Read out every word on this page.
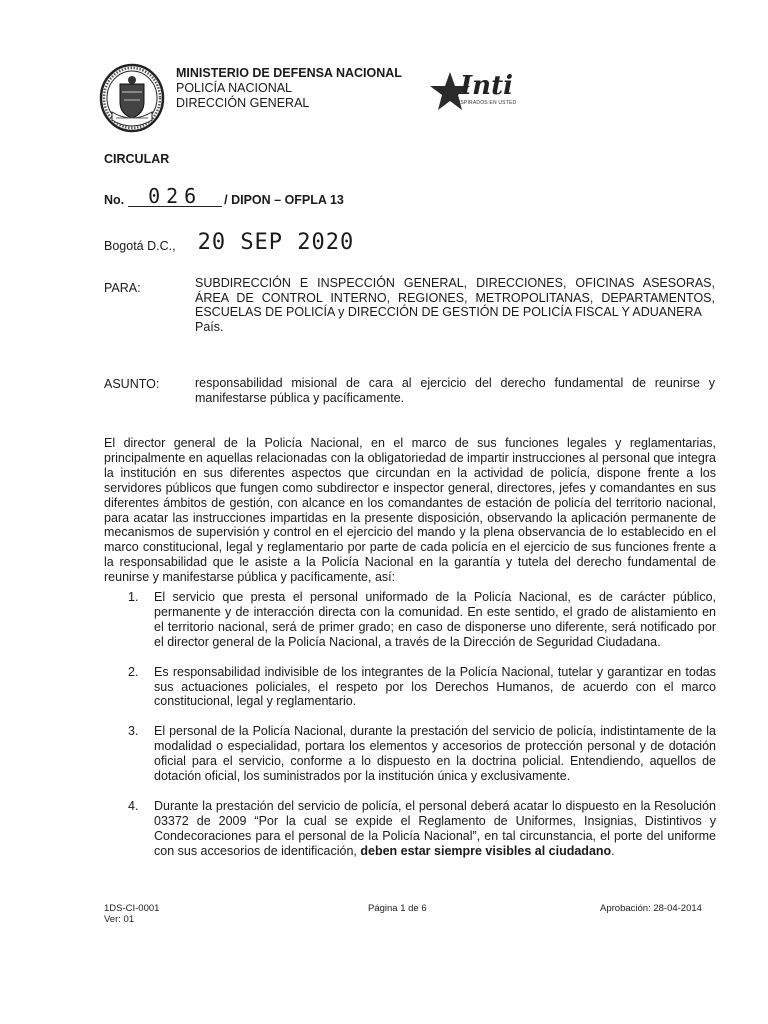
MINISTERIO DE DEFENSA NACIONAL
POLICÍA NACIONAL
DIRECCIÓN GENERAL
Inti
INSPIRADOS EN USTED
CIRCULAR
No.	026	/ DIPON – OFPLA 13
Bogotá D.C., 20 SEP 2020
PARA:	SUBDIRECCIÓN E INSPECCIÓN GENERAL, DIRECCIONES, OFICINAS ASESORAS, ÁREA DE CONTROL INTERNO, REGIONES, METROPOLITANAS, DEPARTAMENTOS, ESCUELAS DE POLICÍA y DIRECCIÓN DE GESTIÓN DE POLICÍA FISCAL Y ADUANERA
País.
ASUNTO:	responsabilidad misional de cara al ejercicio del derecho fundamental de reunirse y manifestarse pública y pacíficamente.
El director general de la Policía Nacional, en el marco de sus funciones legales y reglamentarias, principalmente en aquellas relacionadas con la obligatoriedad de impartir instrucciones al personal que integra la institución en sus diferentes aspectos que circundan en la actividad de policía, dispone frente a los servidores públicos que fungen como subdirector e inspector general, directores, jefes y comandantes en sus diferentes ámbitos de gestión, con alcance en los comandantes de estación de policía del territorio nacional, para acatar las instrucciones impartidas en la presente disposición, observando la aplicación permanente de mecanismos de supervisión y control en el ejercicio del mando y la plena observancia de lo establecido en el marco constitucional, legal y reglamentario por parte de cada policía en el ejercicio de sus funciones frente a la responsabilidad que le asiste a la Policía Nacional en la garantía y tutela del derecho fundamental de reunirse y manifestarse pública y pacíficamente, así:
1.	El servicio que presta el personal uniformado de la Policía Nacional, es de carácter público, permanente y de interacción directa con la comunidad. En este sentido, el grado de alistamiento en el territorio nacional, será de primer grado; en caso de disponerse uno diferente, será notificado por el director general de la Policía Nacional, a través de la Dirección de Seguridad Ciudadana.
2.	Es responsabilidad indivisible de los integrantes de la Policía Nacional, tutelar y garantizar en todas sus actuaciones policiales, el respeto por los Derechos Humanos, de acuerdo con el marco constitucional, legal y reglamentario.
3.	El personal de la Policía Nacional, durante la prestación del servicio de policía, indistintamente de la modalidad o especialidad, portara los elementos y accesorios de protección personal y de dotación oficial para el servicio, conforme a lo dispuesto en la doctrina policial. Entendiendo, aquellos de dotación oficial, los suministrados por la institución única y exclusivamente.
4.	Durante la prestación del servicio de policía, el personal deberá acatar lo dispuesto en la Resolución 03372 de 2009 “Por la cual se expide el Reglamento de Uniformes, Insignias, Distintivos y Condecoraciones para el personal de la Policía Nacional”, en tal circunstancia, el porte del uniforme con sus accesorios de identificación, deben estar siempre visibles al ciudadano.
1DS-CI-0001
Ver: 01
Página 1 de 6	Aprobación: 28-04-2014
